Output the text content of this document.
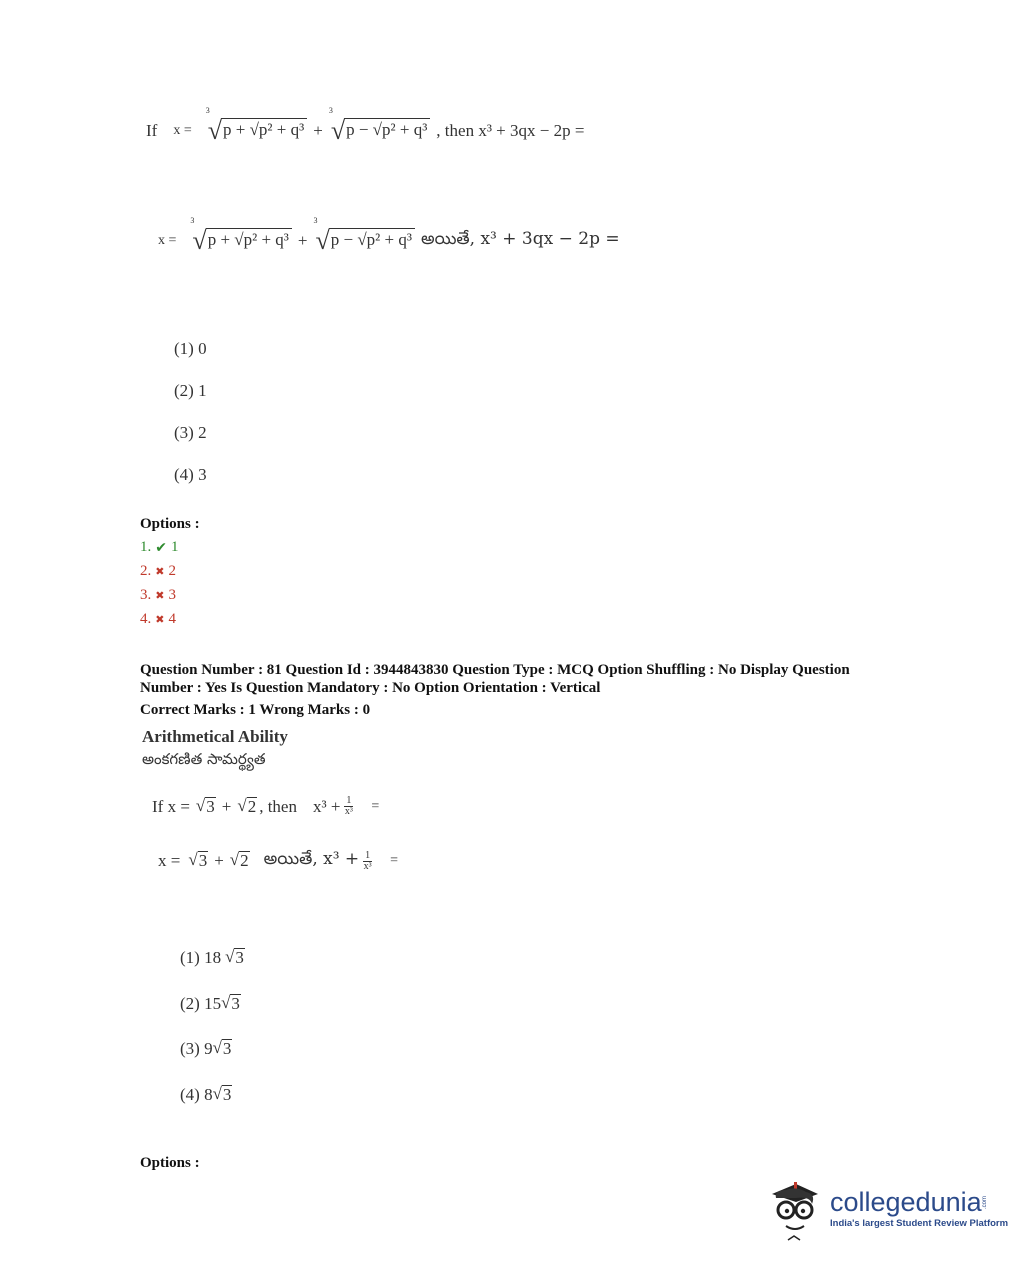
If x =
3
√ p + √p² + q³ +
3
√ p − √p² + q³ , then x³ + 3qx − 2p =
x =
3
√ p + √p² + q³ +
3
√ p − √p² + q³ అయితే, x³ + 3qx − 2p =
(1) 0
(2) 1
(3) 2
(4) 3
Options :
1. ✔ 1
2. ✖ 2
3. ✖ 3
4. ✖ 4
Question Number : 81 Question Id : 3944843830 Question Type : MCQ Option Shuffling : No Display Question
Number : Yes Is Question Mandatory : No Option Orientation : Vertical
Correct Marks : 1 Wrong Marks : 0
Arithmetical Ability
అంకగణిత సామర్థ్యత
If x = √ 3 + √ 2 , then $x^3 + \frac{1}{\text{x³}}$ =
x = √ 3 + √ 2 అయితే, $x^3 + \frac{1}{\text{x³}}$ =
(1) 18 √ 3
(2) 15 √ 3
(3) 9 √ 3
(4) 8 √ 3
Options :
collegedunia .com
India's largest Student Review Platform
